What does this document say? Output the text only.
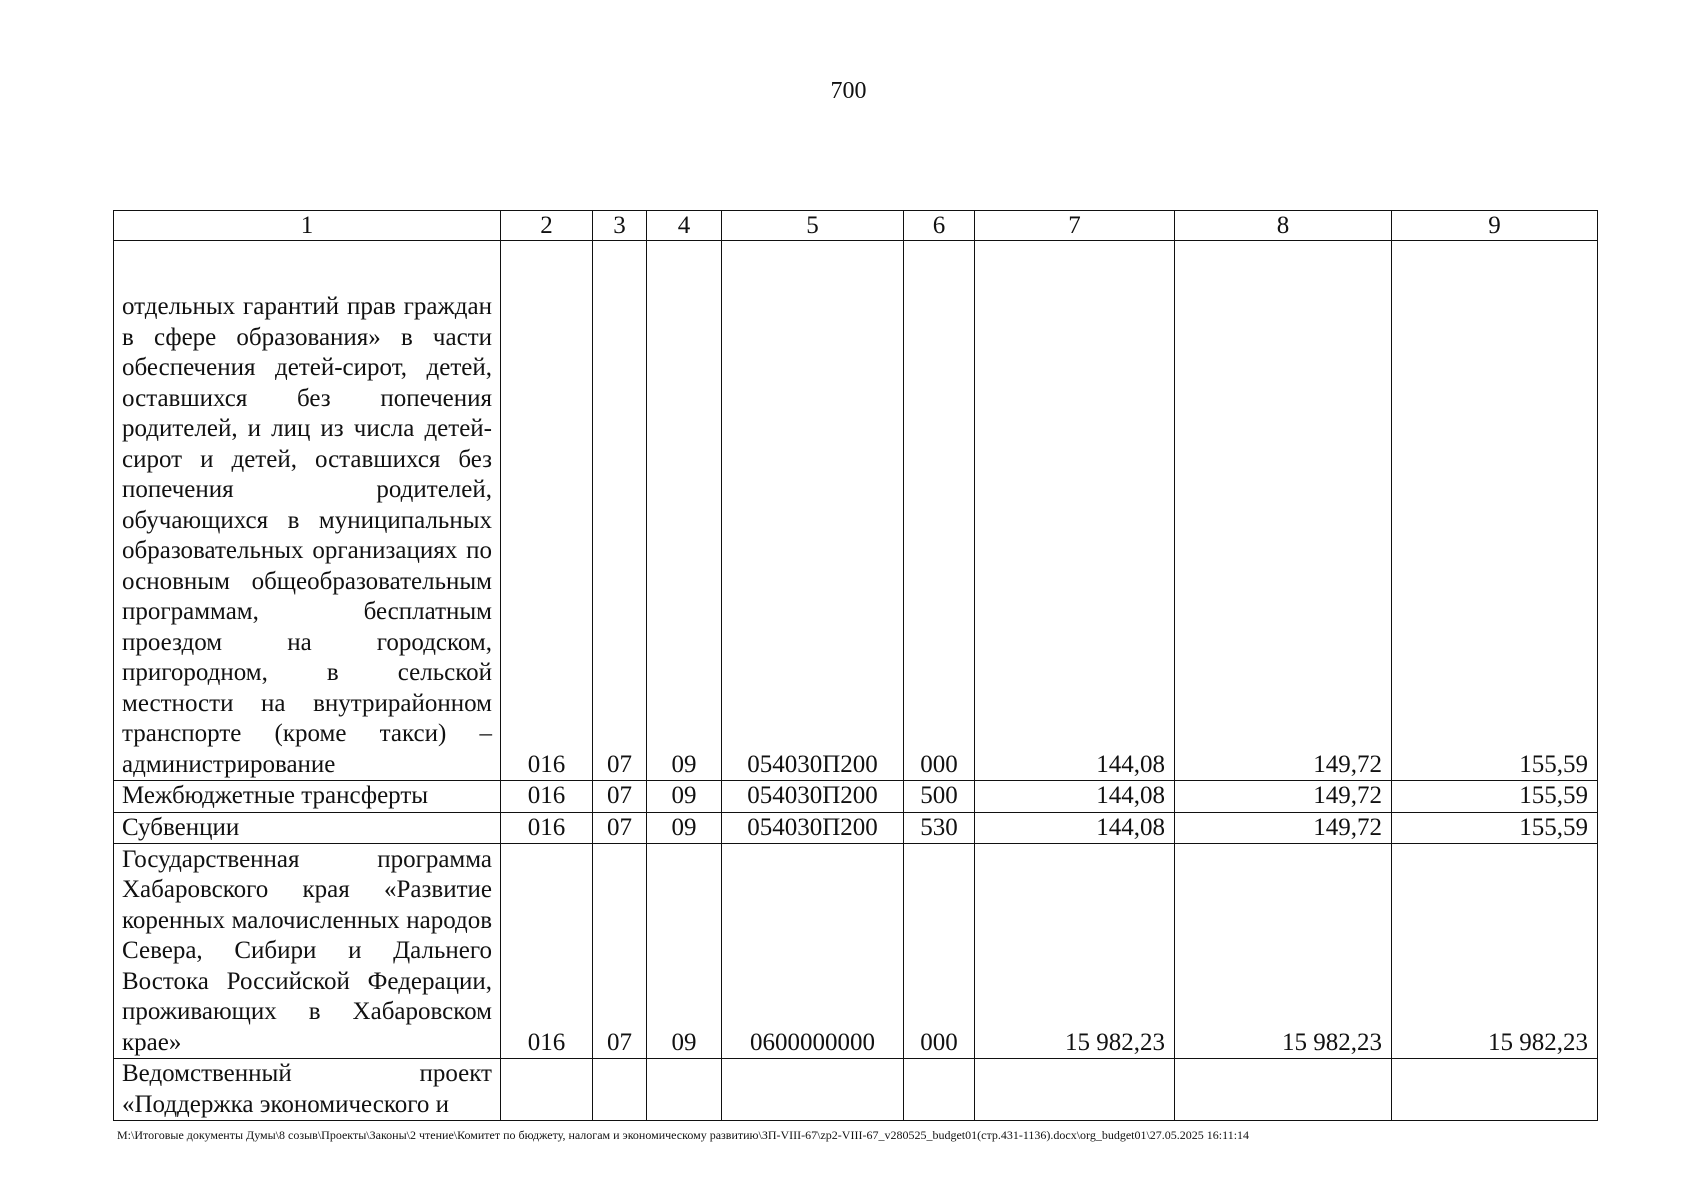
700
1	2	3	4	5	6	7	8	9
отдельных гарантий прав граждан в сфере образования» в части обеспечения детей-сирот, детей, оставшихся без попечения родителей, и лиц из числа детей-сирот и детей, оставшихся без попечения родителей, обучающихся в муниципальных образовательных организациях по основным общеобразовательным программам, бесплатным проездом на городском, пригородном, в сельской местности на внутрирайонном транспорте (кроме такси) – администрирование	016	07	09	054030П200	000	144,08	149,72	155,59
Межбюджетные трансферты	016	07	09	054030П200	500	144,08	149,72	155,59
Субвенции	016	07	09	054030П200	530	144,08	149,72	155,59
Государственная программа Хабаровского края «Развитие коренных малочисленных народов Севера, Сибири и Дальнего Востока Российской Федерации, проживающих в Хабаровском крае»	016	07	09	0600000000	000	15 982,23	15 982,23	15 982,23
Ведомственный проект «Поддержка экономического и								
M:\Итоговые документы Думы\8 созыв\Проекты\Законы\2 чтение\Комитет по бюджету, налогам и экономическому развитию\ЗП-VIII-67\zp2-VIII-67_v280525_budget01(стр.431-1136).docx\org_budget01\27.05.2025 16:11:14
